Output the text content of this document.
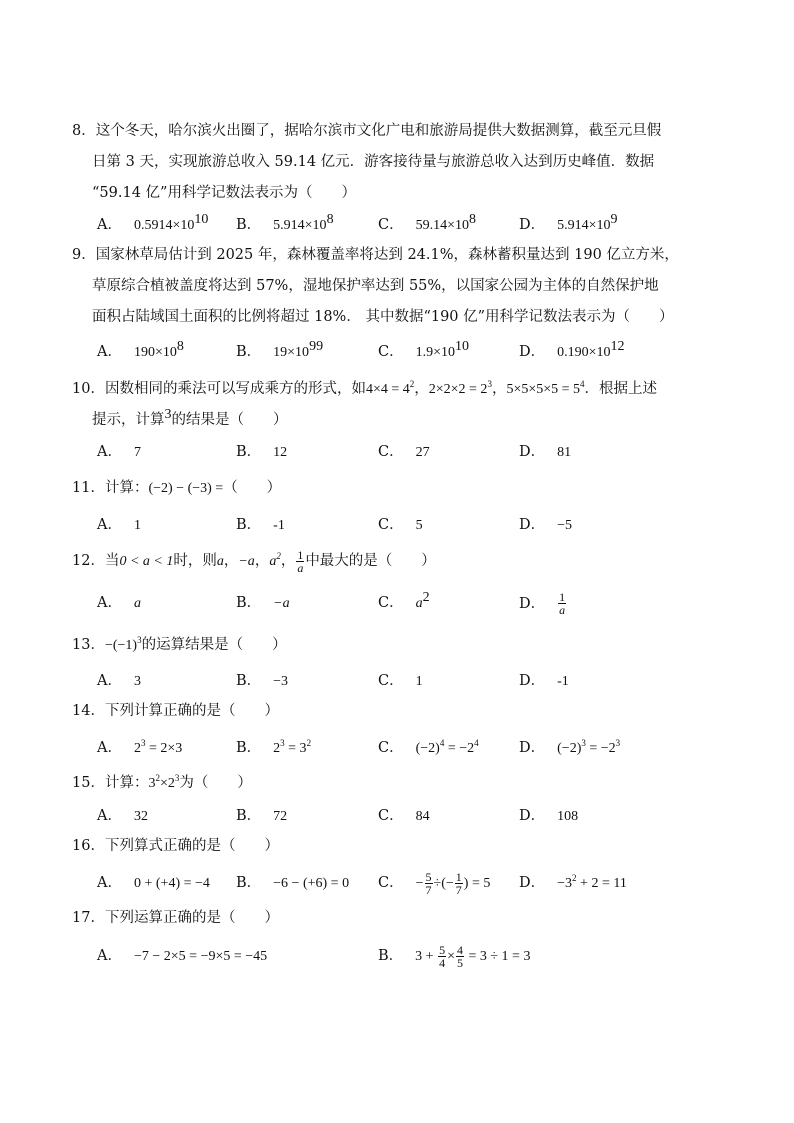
8．这个冬天，哈尔滨火出圈了，据哈尔滨市文化广电和旅游局提供大数据测算，截至元旦假
日第 3 天，实现旅游总收入 59.14 亿元．游客接待量与旅游总收入达到历史峰值．数据
“59.14 亿”用科学记数法表示为（　　）
A． $0.5914\times 10^{10}$ B． $5.914\times 10^8$	C． $59.14\times 10^8$	D． $5.914\times 10^9$
9．国家林草局估计到 2025 年，森林覆盖率将达到 24.1%，森林蓄积量达到 190 亿立方米，
草原综合植被盖度将达到 57%，湿地保护率达到 55%，以国家公园为主体的自然保护地
面积占陆域国土面积的比例将超过 18%． 其中数据“190 亿”用科学记数法表示为（　　）
A． $190\times 10^8$	B． $19\times 10^{99}$	C． $1.9\times 10^{10}$	D． $0.190\times 10^{12}$
10．因数相同的乘法可以写成乘方的形式，如$4\times 4 = 4^2$，$2\times 2\times 2 = 2^3$，$5\times 5\times 5\times 5 = 5^4$．根据上述
提示，计算$^3$的结果是（　　）
A． 7	B． 12	C． 27	D． 81
11．计算：(−2) − (−3) =（　　）
A． 1	B． -1	C． 5	D． −5
12．当0 < a < 1时，则a，−a，$a^2$， $\frac{1}{a}$ 中最大的是（　　）
A． a	B． −a	C． $a^2$	D． $\frac{1}{a}$
13．$-(-1)^3$的运算结果是（　　）
A． 3	B． −3	C． 1	D． -1
14．下列计算正确的是（　　）
A． $2^3 = 2\times 3$	B． $2^3 = 3^2$	C． $(-2)^4 = -2^4$	D． $(-2)^3 = -2^3$
15．计算：$3^2\times 2^3$为（　　）
A． 32	B． 72	C． 84	D． 108
16．下列算式正确的是（　　）
A． 0 + (+4) = −4 B． −6 − (+6) = 0 C． − $\frac{5}{7}$ ÷(− $\frac{1}{7}$ ) = 5 D． $-3^2 + 2 = 11$
17．下列运算正确的是（　　）
A． −7 − 2×5 = −9×5 = −45	B． $3 + \frac{5}{4} \times \frac{4}{5} = 3 \div 1 = 3$
